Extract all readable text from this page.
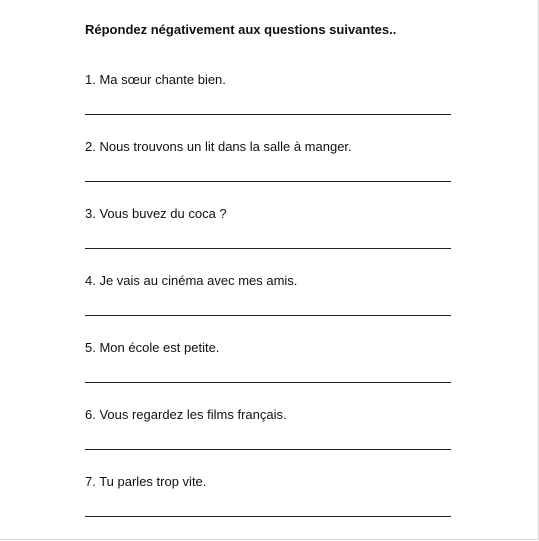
Répondez négativement aux questions suivantes..
1. Ma sœur chante bien.
2. Nous trouvons un lit dans la salle à manger.
3. Vous buvez du coca ?
4. Je vais au cinéma avec mes amis.
5. Mon école est petite.
6. Vous regardez les films français.
7. Tu parles trop vite.
